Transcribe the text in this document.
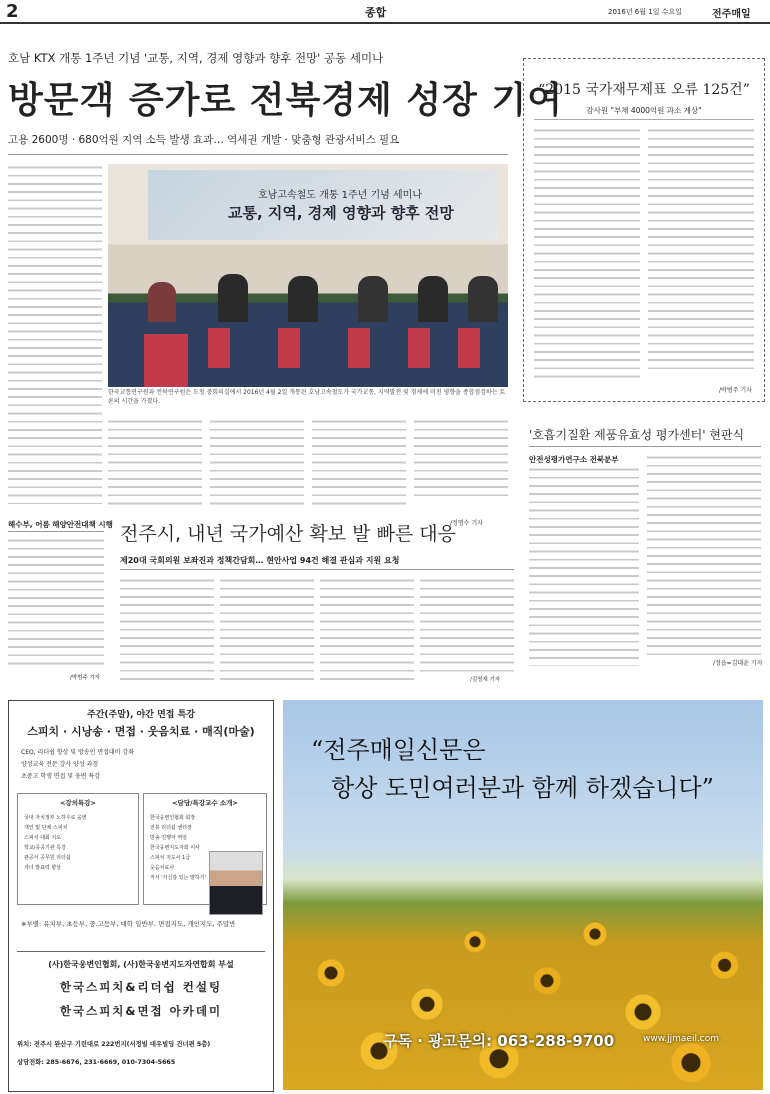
2	종합	2016년 6월 1일 수요일	전주매일
호남 KTX 개통 1주년 기념 '교통, 지역, 경제 영향과 향후 전망' 공동 세미나
방문객 증가로 전북경제 성장 기여
고용 2600명 · 680억원 지역 소득 발생 효과… 역세권 개발 · 맞춤형 관광서비스 필요
호남고속철도 개통 1주년 기념 세미나
교통, 지역, 경제 영향과 향후 전망
한국교통연구원과 전북연구원은 도청 중회의실에서 2016년 4월 2일 개통된 호남고속철도가 국가교통, 지역발전 및 경제에 미친 영향을 종합점검하는 토론의 시간을 가졌다.
/정명수 기자
“2015 국가재무제표 오류 125건”
감사원 "부채 4000억원 과소 계상"
/박범주 기자
'호흡기질환 제품유효성 평가센터' 현판식
안전성평가연구소 전북분부
/정읍=김대윤 기자
해수부, 어름 해양안전대책 시행
/박범주 기자
전주시, 내년 국가예산 확보 발 빠른 대응
제20대 국회의원 보좌진과 정책간담회… 현안사업 94건 해결 관심과 지원 요청
/김명재 기자
주간(주말), 야간 면접 특강
스피치 · 시낭송 · 면접 · 웃음치료 · 매직(마술)
CEO, 리더쉽 향상 및 방송인 면접대비 강좌
양성교육 전문 강사 양성 과정
초중고 학생 면접 및 웅변 특강
<강의특강>
국내 자치정부 노하우로 웅변
개인 및 단체 스피치
스피치 대회 지도
학교/공공기관 특강
관공서 공무원 리더쉽
자녀 발표력 향상
<담당/특강교수 소개>
한국웅변인협회 회장
전북 리더쉽 센터장
방송 진행자 역임
한국웅변지도자회 이사
스피치 지도사 1급
웃음치료사
저서 '자신감 있는 말하기'
※부별: 유치부, 초등부, 중.고등부, 대학 일반부, 면접지도, 개인지도, 주말반
(사)한국웅변인협회, (사)한국웅변지도자연합회 부설
한국스피치&리더쉽 컨설팅
한국스피치&면접 아카데미
위치: 전주시 완산구 기린대로 222번지(서정빌 대우빌딩 건너편 5층)
상담전화: 285-6676, 231-6669, 010-7304-5665
“전주매일신문은
항상 도민여러분과 함께 하겠습니다”
구독 · 광고문의: 063-288-9700	www.jjmaeil.com
